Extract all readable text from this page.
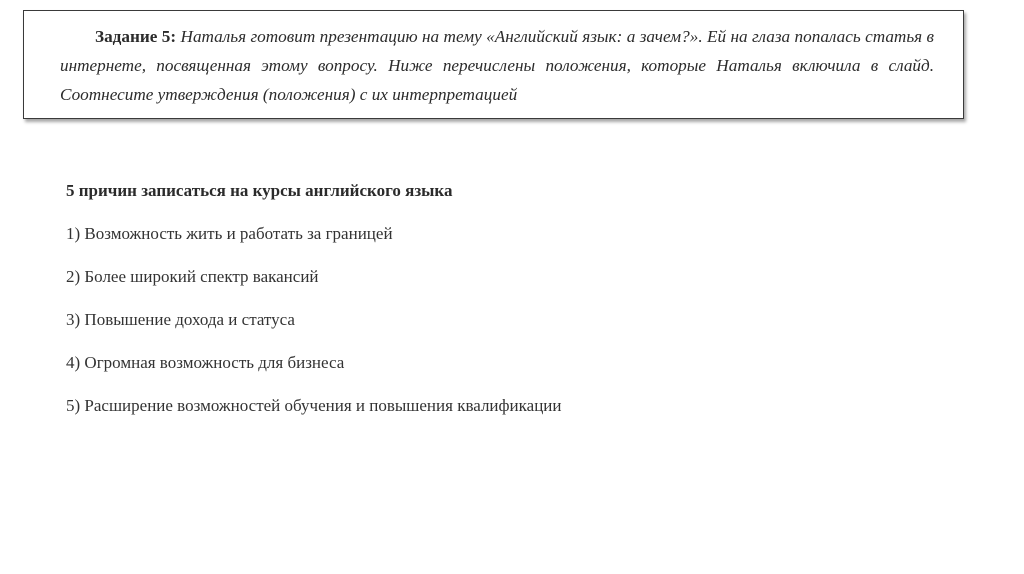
Задание 5: Наталья готовит презентацию на тему «Английский язык: а зачем?». Ей на глаза попалась статья в интернете, посвященная этому вопросу. Ниже перечислены положения, которые Наталья включила в слайд. Соотнесите утверждения (положения) с их интерпретацией

5 причин записаться на курсы английского языка

1) Возможность жить и работать за границей
2) Более широкий спектр вакансий
3) Повышение дохода и статуса
4) Огромная возможность для бизнеса
5) Расширение возможностей обучения и повышения квалификации
